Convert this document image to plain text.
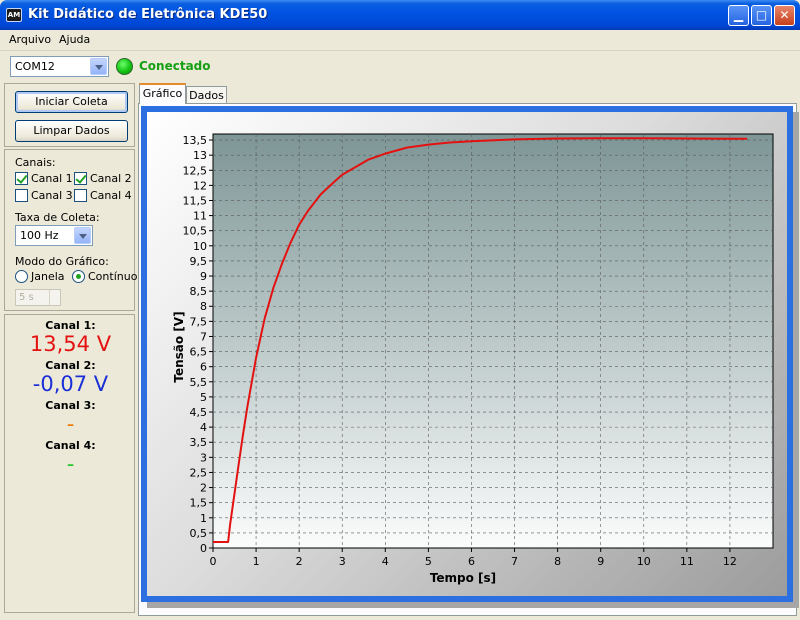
AM Kit Didático de Eletrônica KDE50	▁	□	✕
Arquivo Ajuda
COM12	Conectado
Iniciar Coleta
Limpar Dados
Canais:
Canal 1 Canal 2
Canal 3 Canal 4
Taxa de Coleta:
100 Hz
Modo do Gráfico:
Janela Contínuo
5 s
Canal 1:
13,54 V
Canal 2:
-0,07 V
Canal 3:
-
Canal 4:
-
Gráfico Dados
0	1	2	3	4	5	6	7	8	9	10	11	12
0
0,5
1
1,5
2
2,5
3
3,5
4
4,5
5
5,5
6
6,5
7
7,5
8
8,5
9
9,5
10
10,5
11
11,5
12
12,5
13
13,5
Tempo [s]
Tensão [V]
